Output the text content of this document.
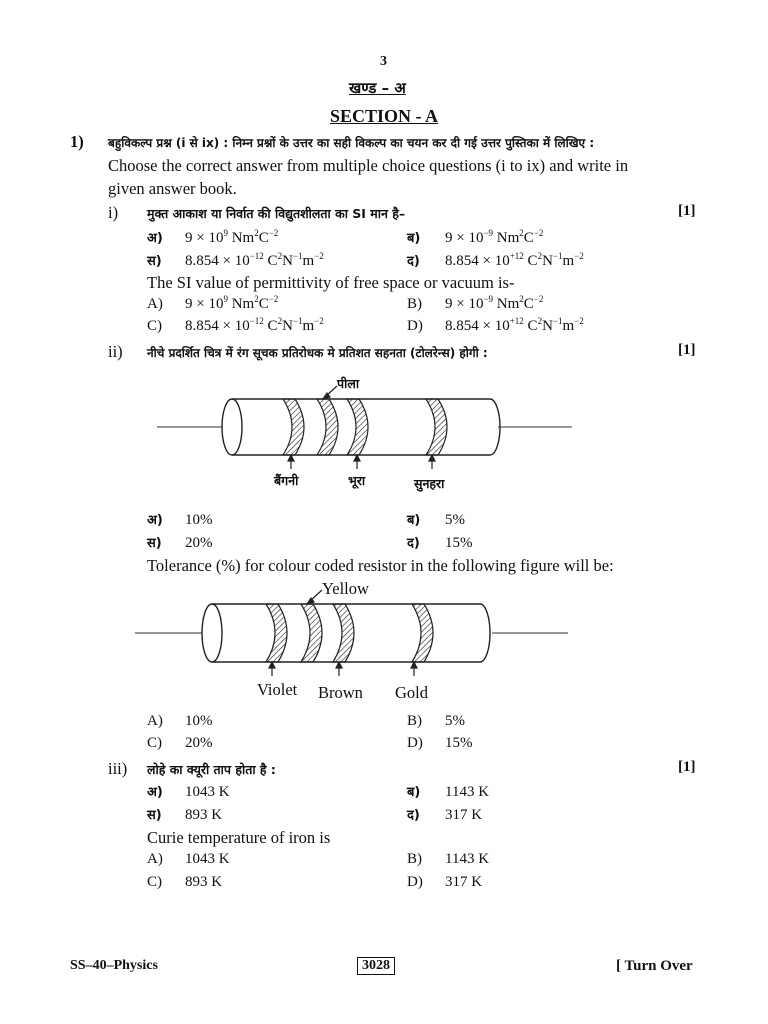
3
खण्ड – अ
SECTION - A
1) बहुविकल्प प्रश्न (i से ix) : निम्न प्रश्नों के उत्तर का सही विकल्प का चयन कर दी गई उत्तर पुस्तिका में लिखिए :
Choose the correct answer from multiple choice questions (i to ix) and write in
given answer book.
i) मुक्त आकाश या निर्वात की विद्युतशीलता का SI मान है–	[1]
अ) $9 \times 10^9$ $Nm^2C^{-2}$	ब) $9 \times 10^{-9}$ $Nm^2C^{-2}$
स) $8.854 \times 10^{-12}$ $C^2N^{-1}m^{-2}$	द) $8.854 \times 10^{+12}$ $C^2N^{-1}m^{-2}$
The SI value of permittivity of free space or vacuum is-
A) $9 \times 10^9$ $Nm^2C^{-2}$	B) $9 \times 10^{-9}$ $Nm^2C^{-2}$
C) $8.854 \times 10^{-12}$ $C^2N^{-1}m^{-2}$	D) $8.854 \times 10^{+12}$ $C^2N^{-1}m^{-2}$
ii) नीचे प्रदर्शित चित्र में रंग सूचक प्रतिरोधक मे प्रतिशत सहनता (टोलरेन्स) होगी :	[1]
पीला
बैंगनी	भूरा	सुनहरा
अ) 10%	ब) 5%
स) 20%	द) 15%
Tolerance (%) for colour coded resistor in the following figure will be:
Yellow
Violet Brown Gold
A) 10%	B) 5%
C) 20%	D) 15%
iii) लोहे का क्यूरी ताप होता है :	[1]
अ) 1043 K	ब) 1143 K
स) 893 K	द) 317 K
Curie temperature of iron is
A) 1043 K	B) 1143 K
C) 893 K	D) 317 K
SS–40–Physics	3028	[ Turn Over
